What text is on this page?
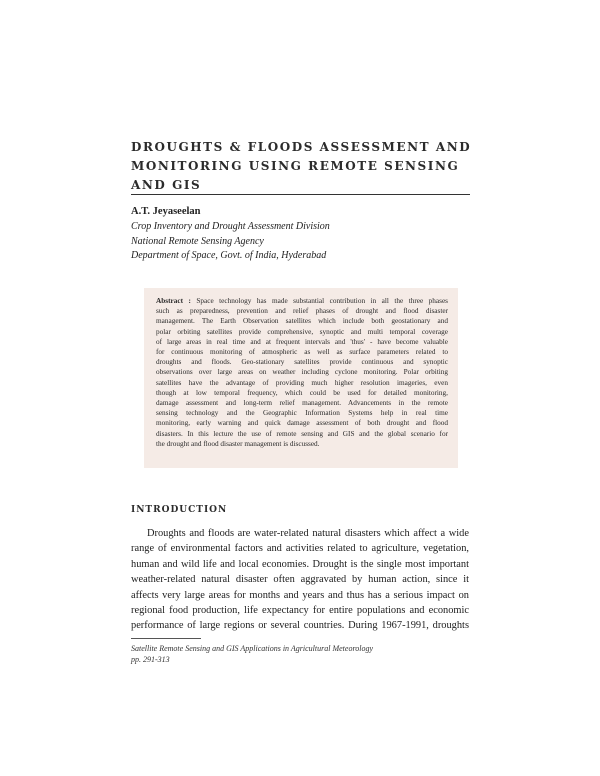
DROUGHTS & FLOODS ASSESSMENT AND
MONITORING USING REMOTE SENSING
AND GIS
A.T. Jeyaseelan
Crop Inventory and Drought Assessment Division
National Remote Sensing Agency
Department of Space, Govt. of India, Hyderabad
Abstract : Space technology has made substantial contribution in all the three phases
such as preparedness, prevention and relief phases of drought and flood disaster
management. The Earth Observation satellites which include both geostationary and
polar orbiting satellites provide comprehensive, synoptic and multi temporal coverage
of large areas in real time and at frequent intervals and 'thus' - have become valuable
for continuous monitoring of atmospheric as well as surface parameters related to
droughts and floods. Geo-stationary satellites provide continuous and synoptic
observations over large areas on weather including cyclone monitoring. Polar orbiting
satellites have the advantage of providing much higher resolution imageries, even
though at low temporal frequency, which could be used for detailed monitoring,
damage assessment and long-term relief management. Advancements in the remote
sensing technology and the Geographic Information Systems help in real time
monitoring, early warning and quick damage assessment of both drought and flood
disasters. In this lecture the use of remote sensing and GIS and the global scenario for
the drought and flood disaster management is discussed.
INTRODUCTION
Droughts and floods are water-related natural disasters which affect a wide
range of environmental factors and activities related to agriculture, vegetation,
human and wild life and local economies. Drought is the single most important
weather-related natural disaster often aggravated by human action, since it
affects very large areas for months and years and thus has a serious impact on
regional food production, life expectancy for entire populations and economic
performance of large regions or several countries. During 1967-1991, droughts
Satellite Remote Sensing and GIS Applications in Agricultural Meteorology
pp. 291-313
